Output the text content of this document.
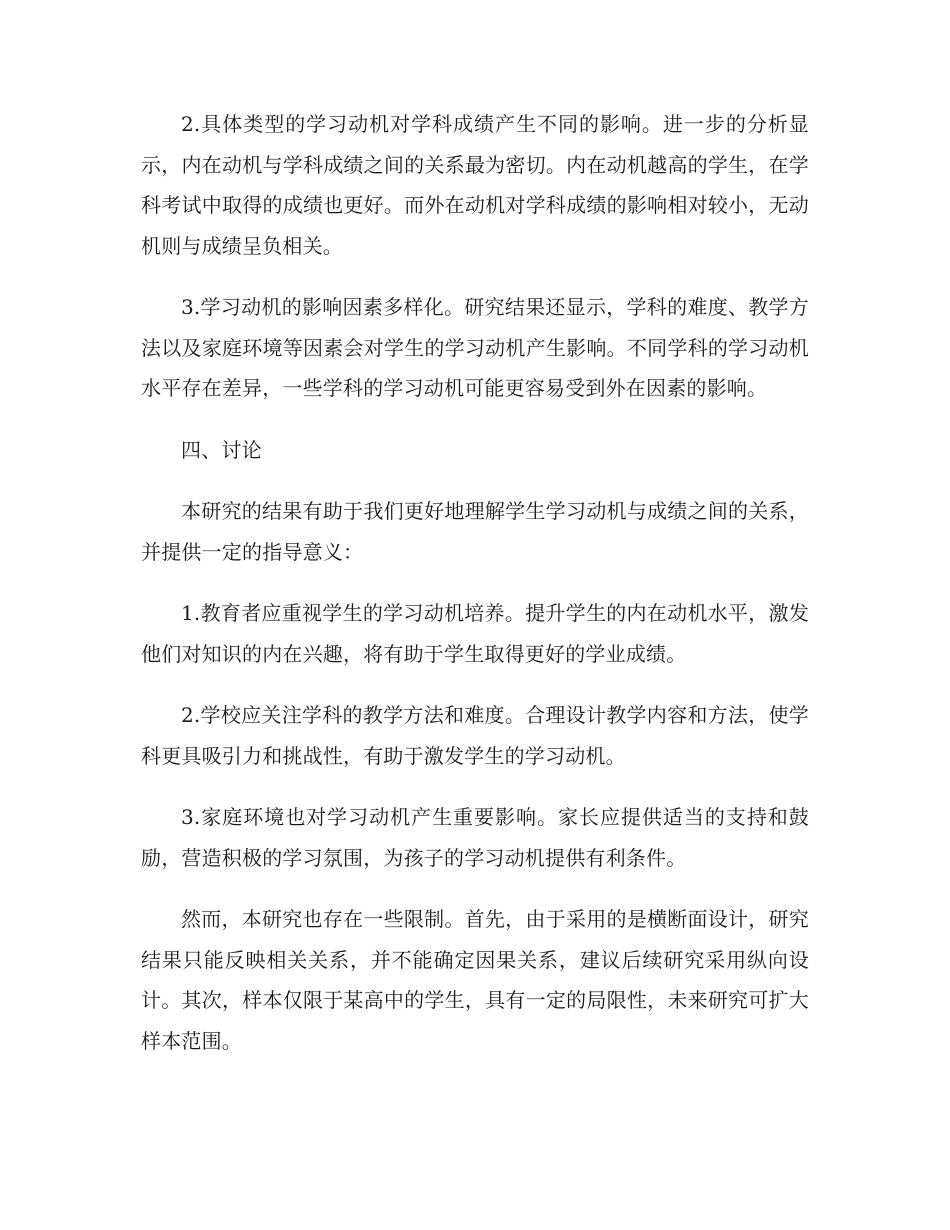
2.具体类型的学习动机对学科成绩产生不同的影响。进一步的分析显示，内在动机与学科成绩之间的关系最为密切。内在动机越高的学生，在学科考试中取得的成绩也更好。而外在动机对学科成绩的影响相对较小，无动机则与成绩呈负相关。

3.学习动机的影响因素多样化。研究结果还显示，学科的难度、教学方法以及家庭环境等因素会对学生的学习动机产生影响。不同学科的学习动机水平存在差异，一些学科的学习动机可能更容易受到外在因素的影响。

四、讨论

本研究的结果有助于我们更好地理解学生学习动机与成绩之间的关系，并提供一定的指导意义：

1.教育者应重视学生的学习动机培养。提升学生的内在动机水平，激发他们对知识的内在兴趣，将有助于学生取得更好的学业成绩。

2.学校应关注学科的教学方法和难度。合理设计教学内容和方法，使学科更具吸引力和挑战性，有助于激发学生的学习动机。

3.家庭环境也对学习动机产生重要影响。家长应提供适当的支持和鼓励，营造积极的学习氛围，为孩子的学习动机提供有利条件。

然而，本研究也存在一些限制。首先，由于采用的是横断面设计，研究结果只能反映相关关系，并不能确定因果关系，建议后续研究采用纵向设计。其次，样本仅限于某高中的学生，具有一定的局限性，未来研究可扩大样本范围。
